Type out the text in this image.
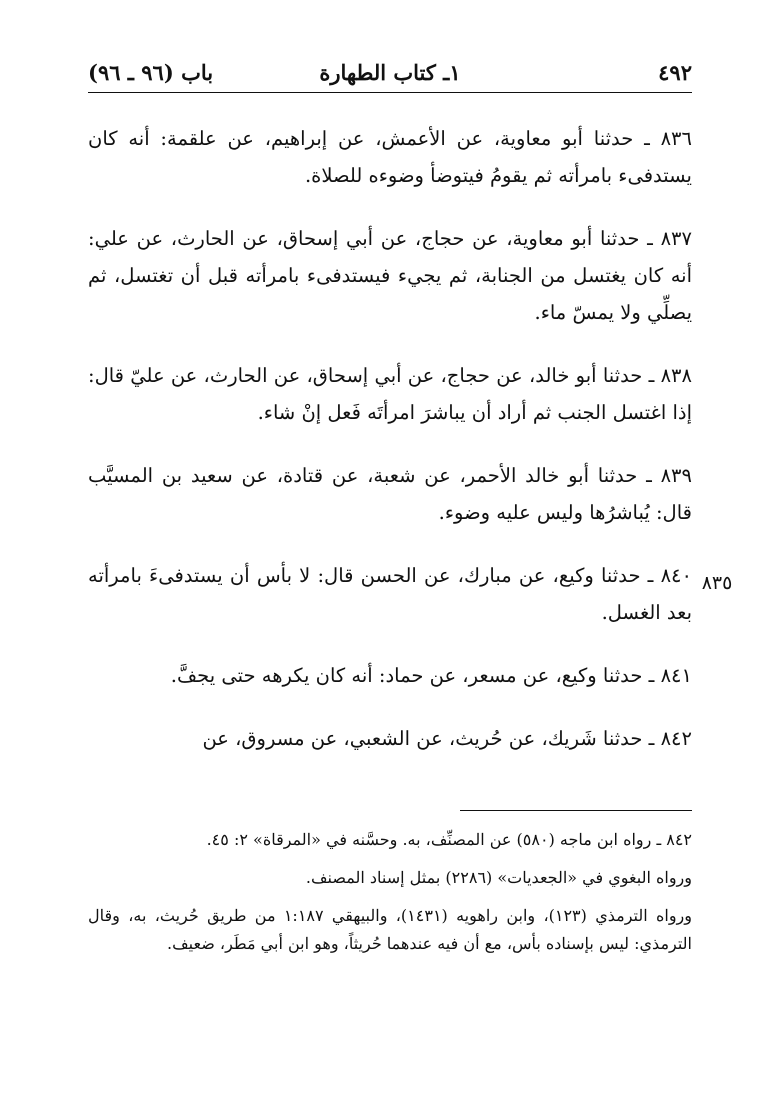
٤٩٢
١ـ كتاب الطهارة
باب (٩٦ ـ ٩٦)

٨٣٦ ـ حدثنا أبو معاوية، عن الأعمش، عن إبراهيم، عن علقمة: أنه كان يستدفىء بامرأته ثم يقومُ فيتوضأ وضوءه للصلاة.

٨٣٧ ـ حدثنا أبو معاوية، عن حجاج، عن أبي إسحاق، عن الحارث، عن علي: أنه كان يغتسل من الجنابة، ثم يجيء فيستدفىء بامرأته قبل أن تغتسل، ثم يصلِّي ولا يمسّ ماء.

٨٣٨ ـ حدثنا أبو خالد، عن حجاج، عن أبي إسحاق، عن الحارث، عن عليّ قال: إذا اغتسل الجنب ثم أراد أن يباشرَ امرأتَه فَعل إنْ شاء.

٨٣٩ ـ حدثنا أبو خالد الأحمر، عن شعبة، عن قتادة، عن سعيد بن المسيَّب قال: يُباشرُها وليس عليه وضوء.

٨٤٠ ـ حدثنا وكيع، عن مبارك، عن الحسن قال: لا بأس أن يستدفىءَ بامرأته بعد الغسل.

٨٤١ ـ حدثنا وكيع، عن مسعر، عن حماد: أنه كان يكرهه حتى يجفَّ.

٨٤٢ ـ حدثنا شَريك، عن حُريث، عن الشعبي، عن مسروق، عن

٨٣٥

٨٤٢ ـ رواه ابن ماجه (٥٨٠) عن المصنِّف، به. وحسَّنه في «المرقاة» ٢: ٤٥.

ورواه البغوي في «الجعديات» (٢٢٨٦) بمثل إسناد المصنف.

ورواه الترمذي (١٢٣)، وابن راهويه (١٤٣١)، والبيهقي ١:١٨٧ من طريق حُريث، به، وقال الترمذي: ليس بإسناده بأس، مع أن فيه عندهما حُريثاً، وهو ابن أبي مَطَر، ضعيف.
